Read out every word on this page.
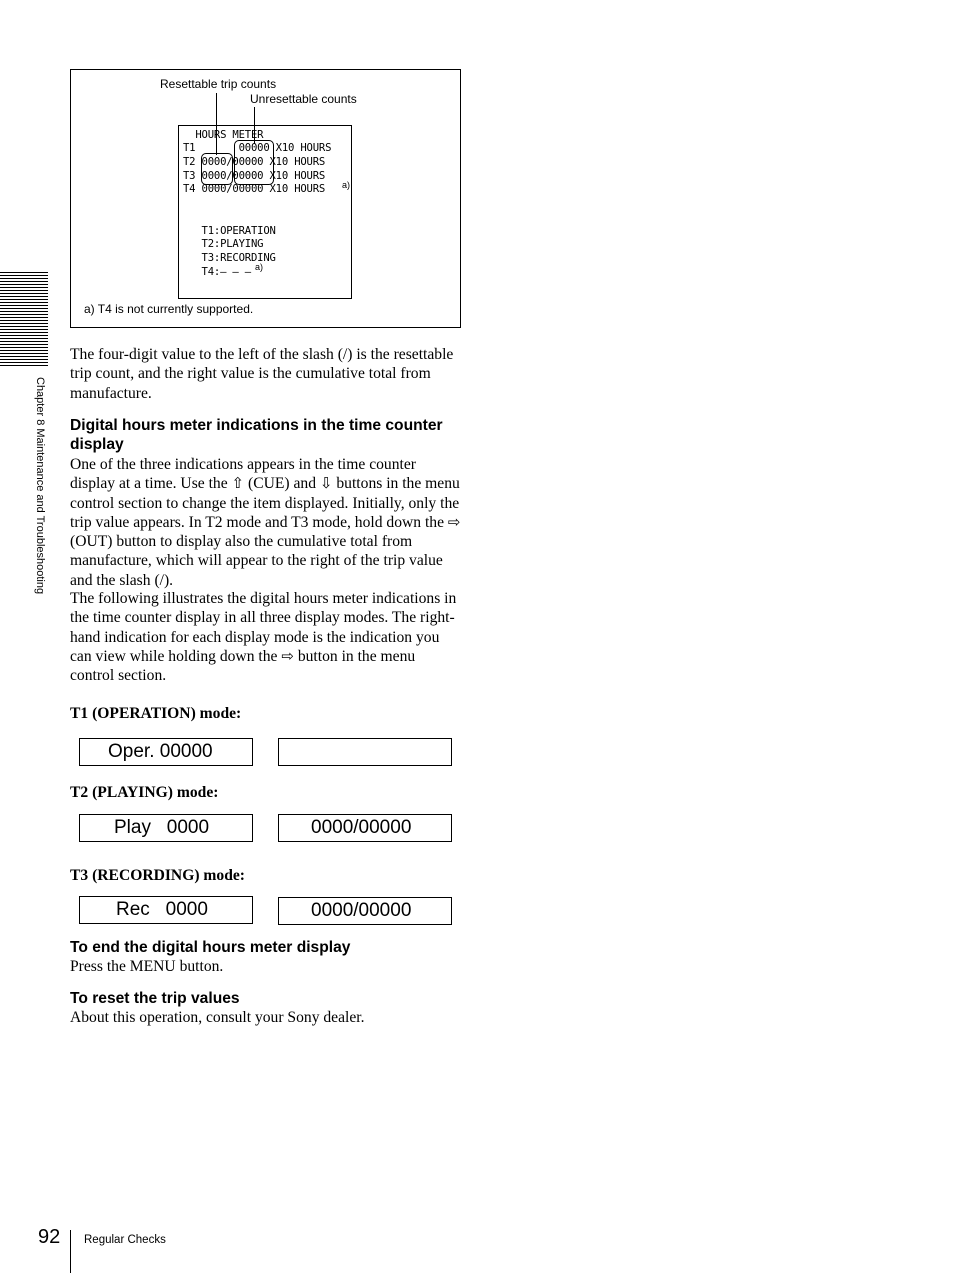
Resettable trip counts
Unresettable counts
HOURS METER
T1       00000 X10 HOURS
T2 0000/00000 X10 HOURS
T3 0000/00000 X10 HOURS
T4 0000/00000 X10 HOURS
T1:OPERATION
T2:PLAYING
T3:RECORDING
T4:– – –
a)
a)
a) T4 is not currently supported.
Chapter 8 Maintenance and Troubleshooting
The four-digit value to the left of the slash (/) is the resettable trip count, and the right value is the cumulative total from manufacture.
Digital hours meter indications in the time counter display
One of the three indications appears in the time counter display at a time. Use the ⇧ (CUE) and ⇩ buttons in the menu control section to change the item displayed. Initially, only the trip value appears. In T2 mode and T3 mode, hold down the ⇨ (OUT) button to display also the cumulative total from manufacture, which will appear to the right of the trip value and the slash (/).
The following illustrates the digital hours meter indications in the time counter display in all three display modes. The right-hand indication for each display mode is the indication you can view while holding down the ⇨ button in the menu control section.
T1 (OPERATION) mode:
Oper. 00000
T2 (PLAYING) mode:
Play   0000	0000/00000
T3 (RECORDING) mode:
Rec   0000	0000/00000
To end the digital hours meter display
Press the MENU button.
To reset the trip values
About this operation, consult your Sony dealer.
92 Regular Checks
